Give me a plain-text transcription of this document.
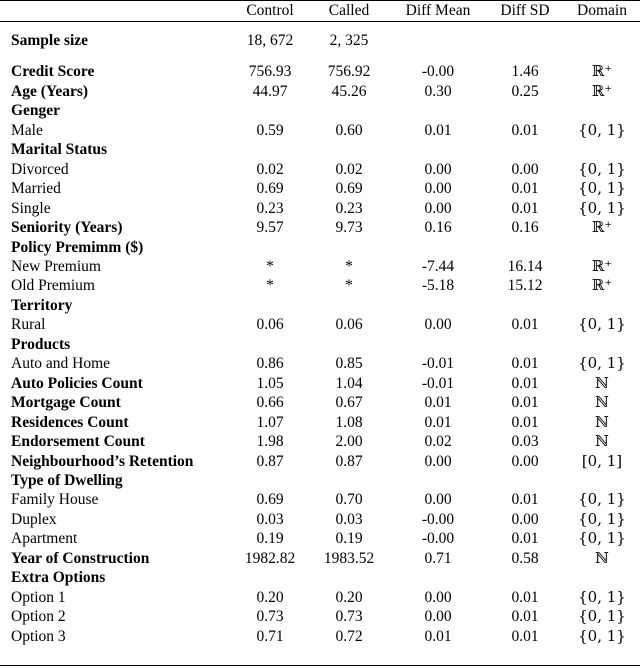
	Control	Called	Diff Mean	Diff SD	Domain

Sample size	18, 672	2, 325			

Credit Score	756.93	756.92	-0.00	1.46	ℝ⁺
Age (Years)	44.97	45.26	0.30	0.25	ℝ⁺
Genger					
Male	0.59	0.60	0.01	0.01	{0, 1}
Marital Status					
Divorced	0.02	0.02	0.00	0.00	{0, 1}
Married	0.69	0.69	0.00	0.01	{0, 1}
Single	0.23	0.23	0.00	0.01	{0, 1}
Seniority (Years)	9.57	9.73	0.16	0.16	ℝ⁺
Policy Premimm ($)					
New Premium	*	*	-7.44	16.14	ℝ⁺
Old Premium	*	*	-5.18	15.12	ℝ⁺
Territory					
Rural	0.06	0.06	0.00	0.01	{0, 1}
Products					
Auto and Home	0.86	0.85	-0.01	0.01	{0, 1}
Auto Policies Count	1.05	1.04	-0.01	0.01	ℕ
Mortgage Count	0.66	0.67	0.01	0.01	ℕ
Residences Count	1.07	1.08	0.01	0.01	ℕ
Endorsement Count	1.98	2.00	0.02	0.03	ℕ
Neighbourhood’s Retention	0.87	0.87	0.00	0.00	[0, 1]
Type of Dwelling					
Family House	0.69	0.70	0.00	0.01	{0, 1}
Duplex	0.03	0.03	-0.00	0.00	{0, 1}
Apartment	0.19	0.19	-0.00	0.01	{0, 1}
Year of Construction	1982.82	1983.52	0.71	0.58	ℕ
Extra Options					
Option 1	0.20	0.20	0.00	0.01	{0, 1}
Option 2	0.73	0.73	0.00	0.01	{0, 1}
Option 3	0.71	0.72	0.01	0.01	{0, 1}
